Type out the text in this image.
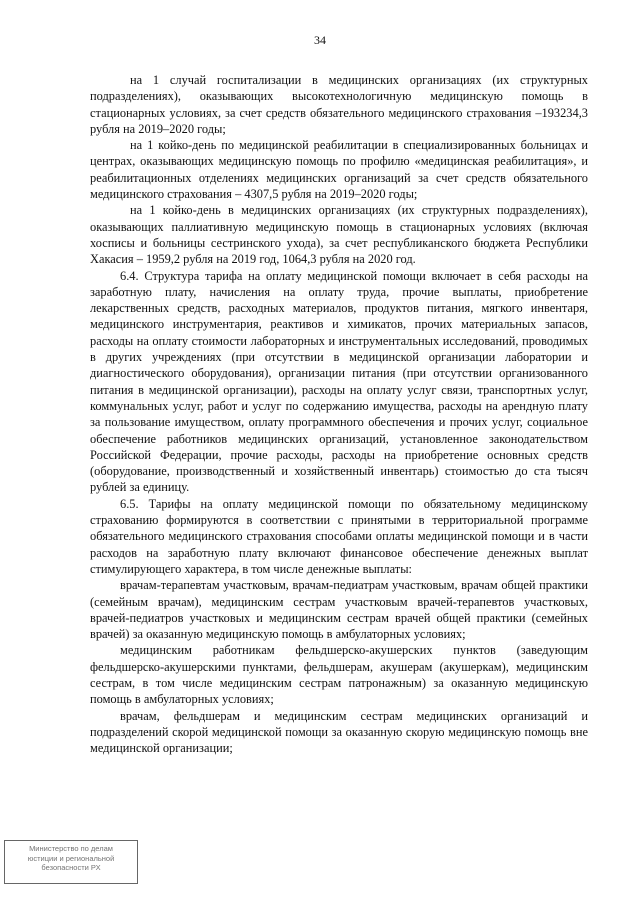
34

на 1 случай госпитализации в медицинских организациях (их структурных подразделениях), оказывающих высокотехнологичную медицинскую помощь в стационарных условиях, за счет средств обязательного медицинского страхования –193234,3 рубля на 2019–2020 годы;

на 1 койко-день по медицинской реабилитации в специализированных больницах и центрах, оказывающих медицинскую помощь по профилю «медицинская реабилитация», и реабилитационных отделениях медицинских организаций за счет средств обязательного медицинского страхования – 4307,5 рубля на 2019–2020 годы;

на 1 койко-день в медицинских организациях (их структурных подразделениях), оказывающих паллиативную медицинскую помощь в стационарных условиях (включая хосписы и больницы сестринского ухода), за счет республиканского бюджета Республики Хакасия – 1959,2 рубля на 2019 год, 1064,3 рубля на 2020 год.

6.4. Структура тарифа на оплату медицинской помощи включает в себя расходы на заработную плату, начисления на оплату труда, прочие выплаты, приобретение лекарственных средств, расходных материалов, продуктов питания, мягкого инвентаря, медицинского инструментария, реактивов и химикатов, прочих материальных запасов, расходы на оплату стоимости лабораторных и инструментальных исследований, проводимых в других учреждениях (при отсутствии в медицинской организации лаборатории и диагностического оборудования), организации питания (при отсутствии организованного питания в медицинской организации), расходы на оплату услуг связи, транспортных услуг, коммунальных услуг, работ и услуг по содержанию имущества, расходы на арендную плату за пользование имуществом, оплату программного обеспечения и прочих услуг, социальное обеспечение работников медицинских организаций, установленное законодательством Российской Федерации, прочие расходы, расходы на приобретение основных средств (оборудование, производственный и хозяйственный инвентарь) стоимостью до ста тысяч рублей за единицу.

6.5. Тарифы на оплату медицинской помощи по обязательному медицинскому страхованию формируются в соответствии с принятыми в территориальной программе обязательного медицинского страхования способами оплаты медицинской помощи и в части расходов на заработную плату включают финансовое обеспечение денежных выплат стимулирующего характера, в том числе денежные выплаты:

врачам-терапевтам участковым, врачам-педиатрам участковым, врачам общей практики (семейным врачам), медицинским сестрам участковым врачей-терапевтов участковых, врачей-педиатров участковых и медицинским сестрам врачей общей практики (семейных врачей) за оказанную медицинскую помощь в амбулаторных условиях;

медицинским работникам фельдшерско-акушерских пунктов (заведующим фельдшерско-акушерскими пунктами, фельдшерам, акушерам (акушеркам), медицинским сестрам, в том числе медицинским сестрам патронажным) за оказанную медицинскую помощь в амбулаторных условиях;

врачам, фельдшерам и медицинским сестрам медицинских организаций и подразделений скорой медицинской помощи за оказанную скорую медицинскую помощь вне медицинской организации;

Министерство по делам
юстиции и региональной
безопасности РХ
